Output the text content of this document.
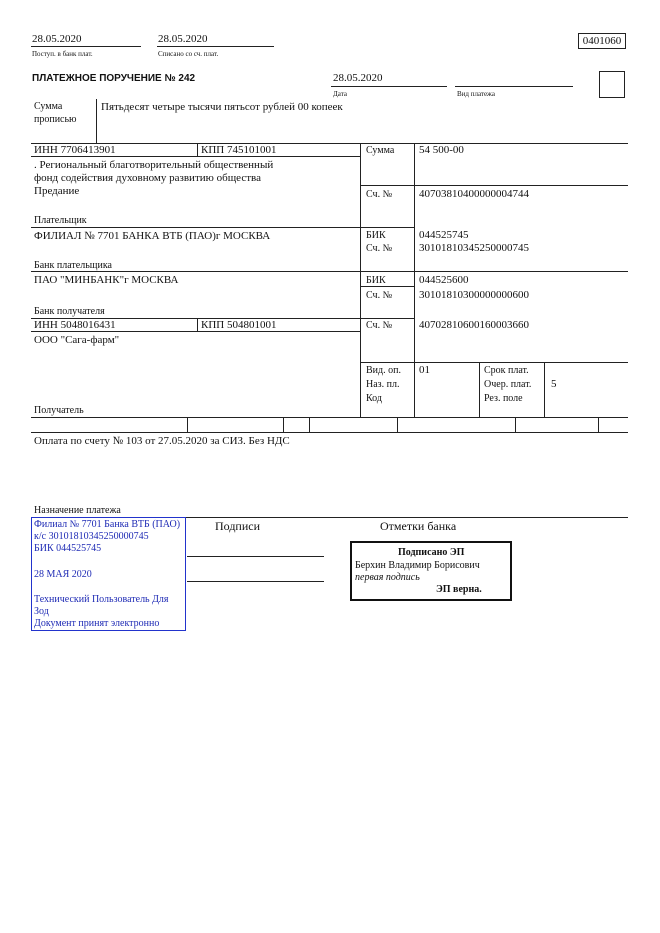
28.05.2020
Поступ. в банк плат.
28.05.2020
Списано со сч. плат.
0401060
ПЛАТЕЖНОЕ ПОРУЧЕНИЕ № 242	28.05.2020
Дата	Вид платежа
Сумма
прописью
Пятьдесят четыре тысячи пятьсот рублей 00 копеек
ИНН 7706413901	КПП 745101001
. Региональный благотворительный общественный фонд содействия духовному развитию общества Предание
Плательщик
Сумма 54 500-00
Сч. № 40703810400000004744
ФИЛИАЛ № 7701 БАНКА ВТБ (ПАО)г МОСКВА
Банк плательщика
БИК	044525745
Сч. № 30101810345250000745
ПАО "МИНБАНК"г МОСКВА
Банк получателя
БИК	044525600
Сч. № 30101810300000000600
ИНН 5048016431	КПП 504801001
ООО "Сага-фарм"
Получатель
Сч. № 40702810600160003660
Вид. оп. 01
Наз. пл.
Код
Срок плат.
Очер. плат. 5
Рез. поле
Оплата по счету № 103 от 27.05.2020 за СИЗ. Без НДС
Назначение платежа
Подписи	Отметки банка
Филиал № 7701 Банка ВТБ (ПАО)
к/с 30101810345250000745
БИК 044525745
28 МАЯ 2020
Технический Пользователь Для Зод
Документ принят электронно
Подписано ЭП
Берхин Владимир Борисович
первая подпись
ЭП верна.
